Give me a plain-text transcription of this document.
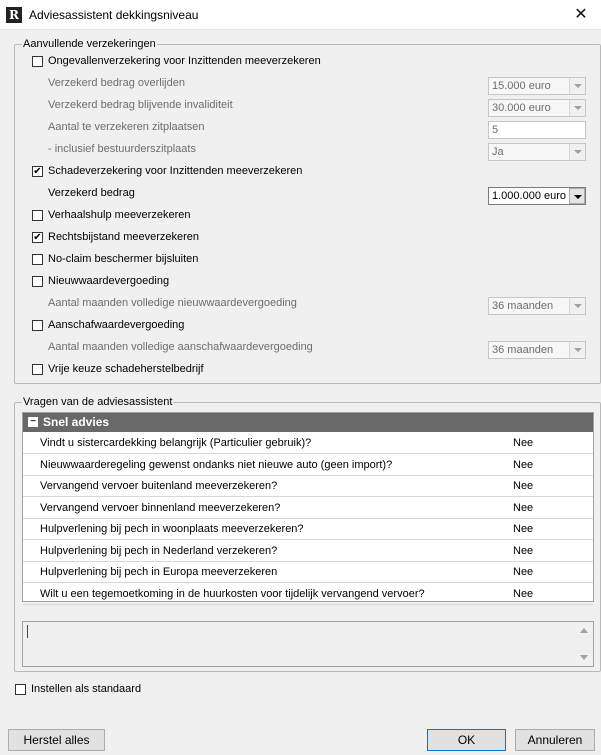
R Adviesassistent dekkingsniveau	✕
Aanvullende verzekeringen
Ongevallenverzekering voor Inzittenden meeverzekeren
Verzekerd bedrag overlijden	15.000 euro
Verzekerd bedrag blijvende invaliditeit	30.000 euro
Aantal te verzekeren zitplaatsen	5
- inclusief bestuurderszitplaats	Ja
✔ Schadeverzekering voor Inzittenden meeverzekeren
Verzekerd bedrag	1.000.000 euro
Verhaalshulp meeverzekeren
✔ Rechtsbijstand meeverzekeren
No-claim beschermer bijsluiten
Nieuwwaardevergoeding
Aantal maanden volledige nieuwwaardevergoeding	36 maanden
Aanschafwaardevergoeding
Aantal maanden volledige aanschafwaardevergoeding	36 maanden
Vrije keuze schadeherstelbedrijf
Vragen van de adviesassistent
− Snel advies
Vindt u sistercardekking belangrijk (Particulier gebruik)?	Nee
Nieuwwaarderegeling gewenst ondanks niet nieuwe auto (geen import)?	Nee
Vervangend vervoer buitenland meeverzekeren?	Nee
Vervangend vervoer binnenland meeverzekeren?	Nee
Hulpverlening bij pech in woonplaats meeverzekeren?	Nee
Hulpverlening bij pech in Nederland verzekeren?	Nee
Hulpverlening bij pech in Europa meeverzekeren	Nee
Wilt u een tegemoetkoming in de huurkosten voor tijdelijk vervangend vervoer?	Nee
Instellen als standaard
Herstel alles	OK	Annuleren
